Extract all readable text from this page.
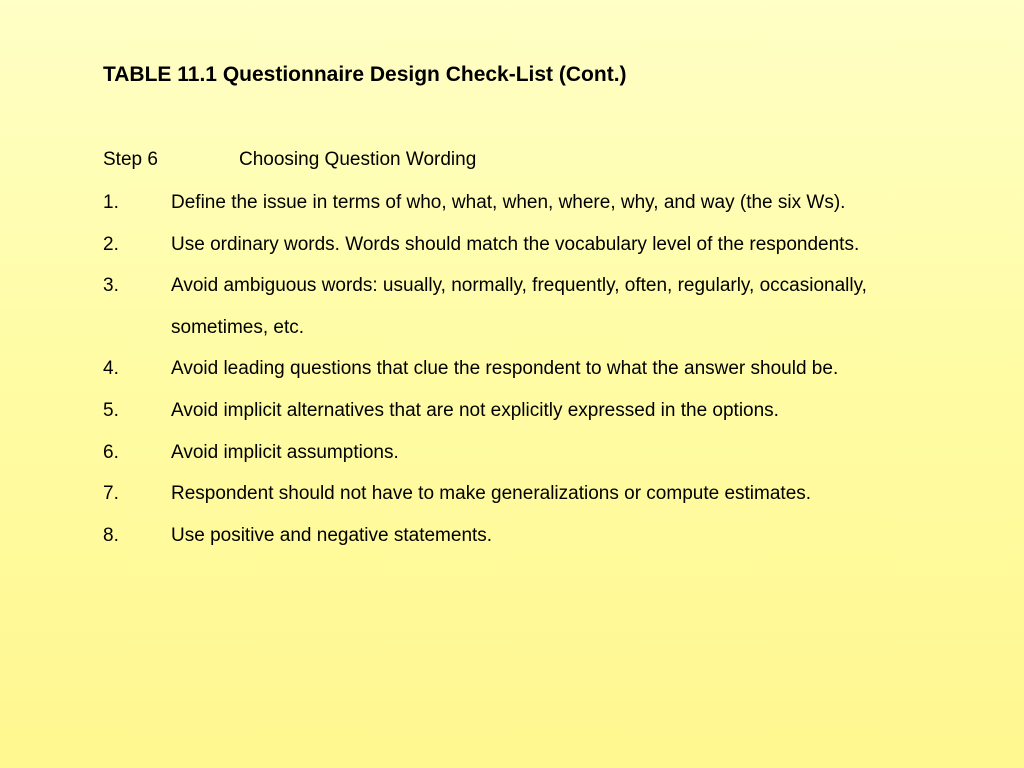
TABLE 11.1 Questionnaire Design Check-List (Cont.)
Step 6	Choosing Question Wording
1.	Define the issue in terms of who, what, when, where, why, and way (the six Ws).
2.	Use ordinary words. Words should match the vocabulary level of the respondents.
3.	Avoid ambiguous words: usually, normally, frequently, often, regularly, occasionally, sometimes, etc.
4.	Avoid leading questions that clue the respondent to what the answer should be.
5.	Avoid implicit alternatives that are not explicitly expressed in the options.
6.	Avoid implicit assumptions.
7.	Respondent should not have to make generalizations or compute estimates.
8.	Use positive and negative statements.
